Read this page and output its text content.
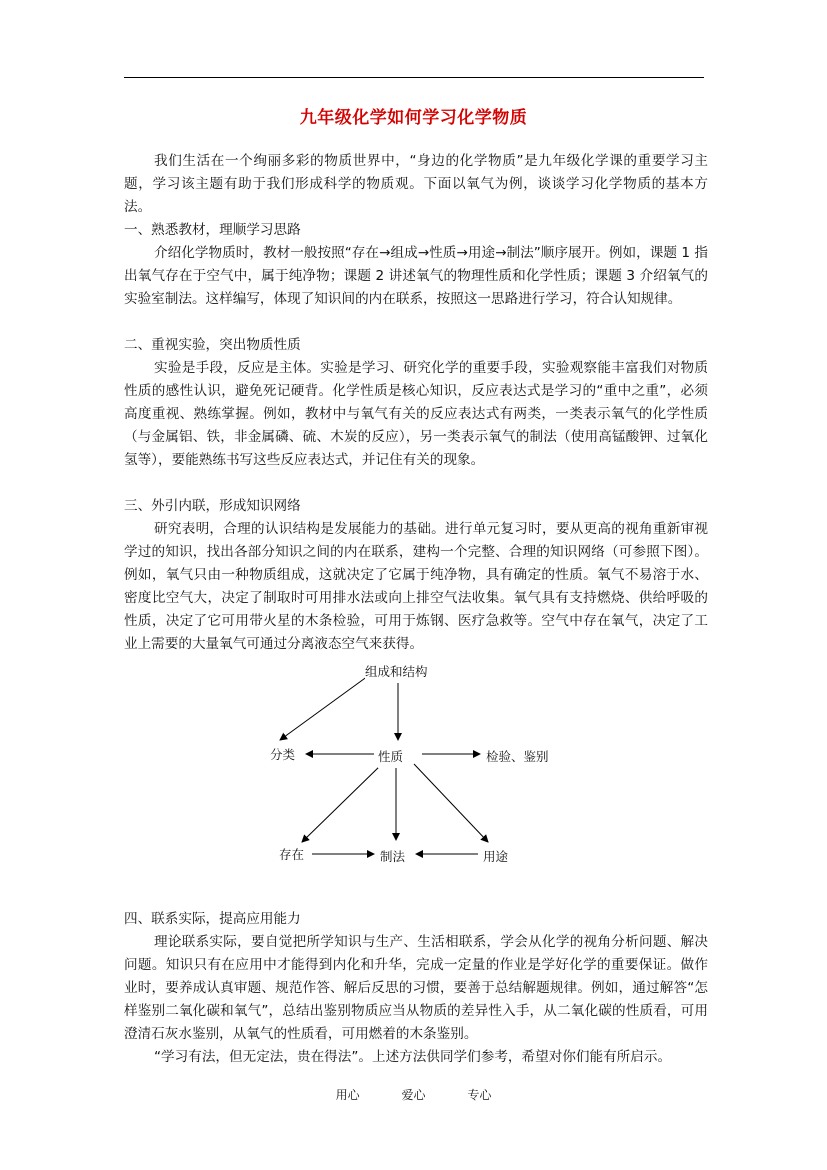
九年级化学如何学习化学物质

我们生活在一个绚丽多彩的物质世界中，“身边的化学物质”是九年级化学课的重要学习主题，学习该主题有助于我们形成科学的物质观。下面以氧气为例，谈谈学习化学物质的基本方法。

一、熟悉教材，理顺学习思路

介绍化学物质时，教材一般按照“存在→组成→性质→用途→制法”顺序展开。例如，课题 1 指出氧气存在于空气中，属于纯净物；课题 2 讲述氧气的物理性质和化学性质；课题 3 介绍氧气的实验室制法。这样编写，体现了知识间的内在联系，按照这一思路进行学习，符合认知规律。

二、重视实验，突出物质性质

实验是手段，反应是主体。实验是学习、研究化学的重要手段，实验观察能丰富我们对物质性质的感性认识，避免死记硬背。化学性质是核心知识，反应表达式是学习的“重中之重”，必须高度重视、熟练掌握。例如，教材中与氧气有关的反应表达式有两类，一类表示氧气的化学性质（与金属铝、铁，非金属磷、硫、木炭的反应），另一类表示氧气的制法（使用高锰酸钾、过氧化氢等），要能熟练书写这些反应表达式，并记住有关的现象。

三、外引内联，形成知识网络

研究表明，合理的认识结构是发展能力的基础。进行单元复习时，要从更高的视角重新审视学过的知识，找出各部分知识之间的内在联系，建构一个完整、合理的知识网络（可参照下图）。例如，氧气只由一种物质组成，这就决定了它属于纯净物，具有确定的性质。氧气不易溶于水、密度比空气大，决定了制取时可用排水法或向上排空气法收集。氧气具有支持燃烧、供给呼吸的性质，决定了它可用带火星的木条检验，可用于炼钢、医疗急救等。空气中存在氧气，决定了工业上需要的大量氧气可通过分离液态空气来获得。

组成和结构
分类	性质	检验、鉴别
存在	制法	用途

四、联系实际，提高应用能力

理论联系实际，要自觉把所学知识与生产、生活相联系，学会从化学的视角分析问题、解决问题。知识只有在应用中才能得到内化和升华，完成一定量的作业是学好化学的重要保证。做作业时，要养成认真审题、规范作答、解后反思的习惯，要善于总结解题规律。例如，通过解答“怎样鉴别二氧化碳和氧气”，总结出鉴别物质应当从物质的差异性入手，从二氧化碳的性质看，可用澄清石灰水鉴别，从氧气的性质看，可用燃着的木条鉴别。

“学习有法，但无定法，贵在得法”。上述方法供同学们参考，希望对你们能有所启示。

用心	爱心	专心
